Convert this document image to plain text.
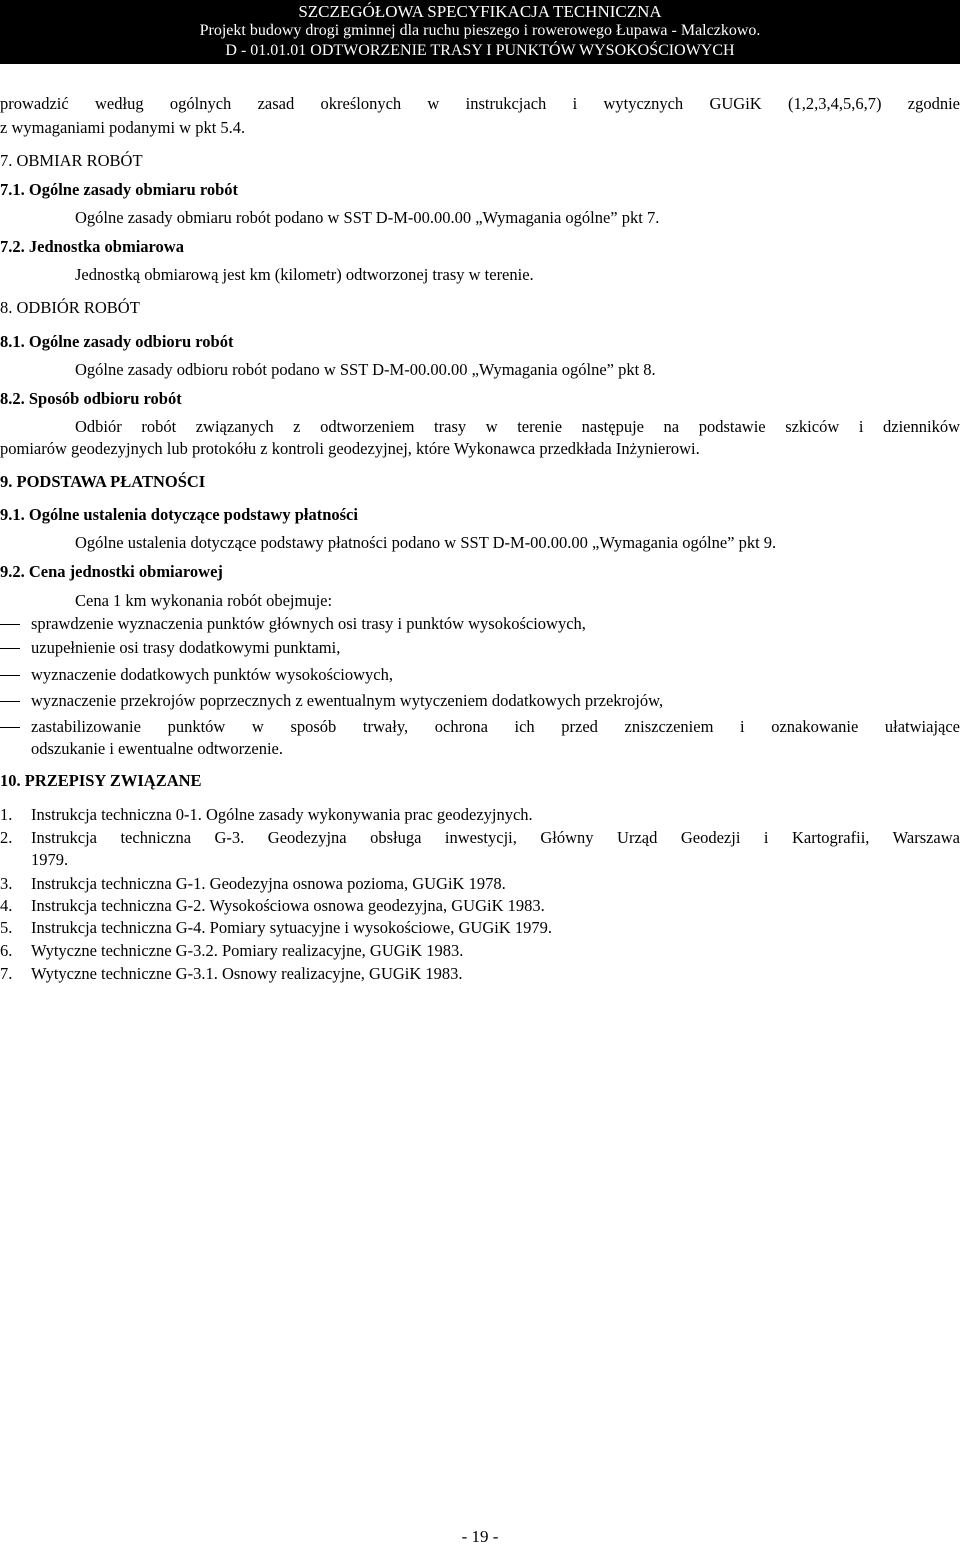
SZCZEGÓŁOWA SPECYFIKACJA TECHNICZNA
Projekt budowy drogi gminnej dla ruchu pieszego i rowerowego Łupawa - Malczkowo.
D - 01.01.01 ODTWORZENIE TRASY I PUNKTÓW WYSOKOŚCIOWYCH
prowadzić według ogólnych zasad określonych w instrukcjach i wytycznych GUGiK (1,2,3,4,5,6,7) zgodnie
z wymaganiami podanymi w pkt 5.4.
7. OBMIAR ROBÓT
7.1. Ogólne zasady obmiaru robót
Ogólne zasady obmiaru robót podano w SST D-M-00.00.00 „Wymagania ogólne” pkt 7.
7.2. Jednostka obmiarowa
Jednostką obmiarową jest km (kilometr) odtworzonej trasy w terenie.
8. ODBIÓR ROBÓT
8.1. Ogólne zasady odbioru robót
Ogólne zasady odbioru robót podano w SST D-M-00.00.00 „Wymagania ogólne” pkt 8.
8.2. Sposób odbioru robót
Odbiór robót związanych z odtworzeniem trasy w terenie następuje na podstawie szkiców i dzienników
pomiarów geodezyjnych lub protokółu z kontroli geodezyjnej, które Wykonawca przedkłada Inżynierowi.
9. PODSTAWA PŁATNOŚCI
9.1. Ogólne ustalenia dotyczące podstawy płatności
Ogólne ustalenia dotyczące podstawy płatności podano w SST D-M-00.00.00 „Wymagania ogólne” pkt 9.
9.2. Cena jednostki obmiarowej
Cena 1 km wykonania robót obejmuje:
sprawdzenie wyznaczenia punktów głównych osi trasy i punktów wysokościowych,
uzupełnienie osi trasy dodatkowymi punktami,
wyznaczenie dodatkowych punktów wysokościowych,
wyznaczenie przekrojów poprzecznych z ewentualnym wytyczeniem dodatkowych przekrojów,
zastabilizowanie punktów w sposób trwały, ochrona ich przed zniszczeniem i oznakowanie ułatwiające
odszukanie i ewentualne odtworzenie.
10. PRZEPISY ZWIĄZANE
1. Instrukcja techniczna 0-1. Ogólne zasady wykonywania prac geodezyjnych.
2. Instrukcja techniczna G-3. Geodezyjna obsługa inwestycji, Główny Urząd Geodezji i Kartografii, Warszawa
1979.
3. Instrukcja techniczna G-1. Geodezyjna osnowa pozioma, GUGiK 1978.
4. Instrukcja techniczna G-2. Wysokościowa osnowa geodezyjna, GUGiK 1983.
5. Instrukcja techniczna G-4. Pomiary sytuacyjne i wysokościowe, GUGiK 1979.
6. Wytyczne techniczne G-3.2. Pomiary realizacyjne, GUGiK 1983.
7. Wytyczne techniczne G-3.1. Osnowy realizacyjne, GUGiK 1983.
- 19 -
